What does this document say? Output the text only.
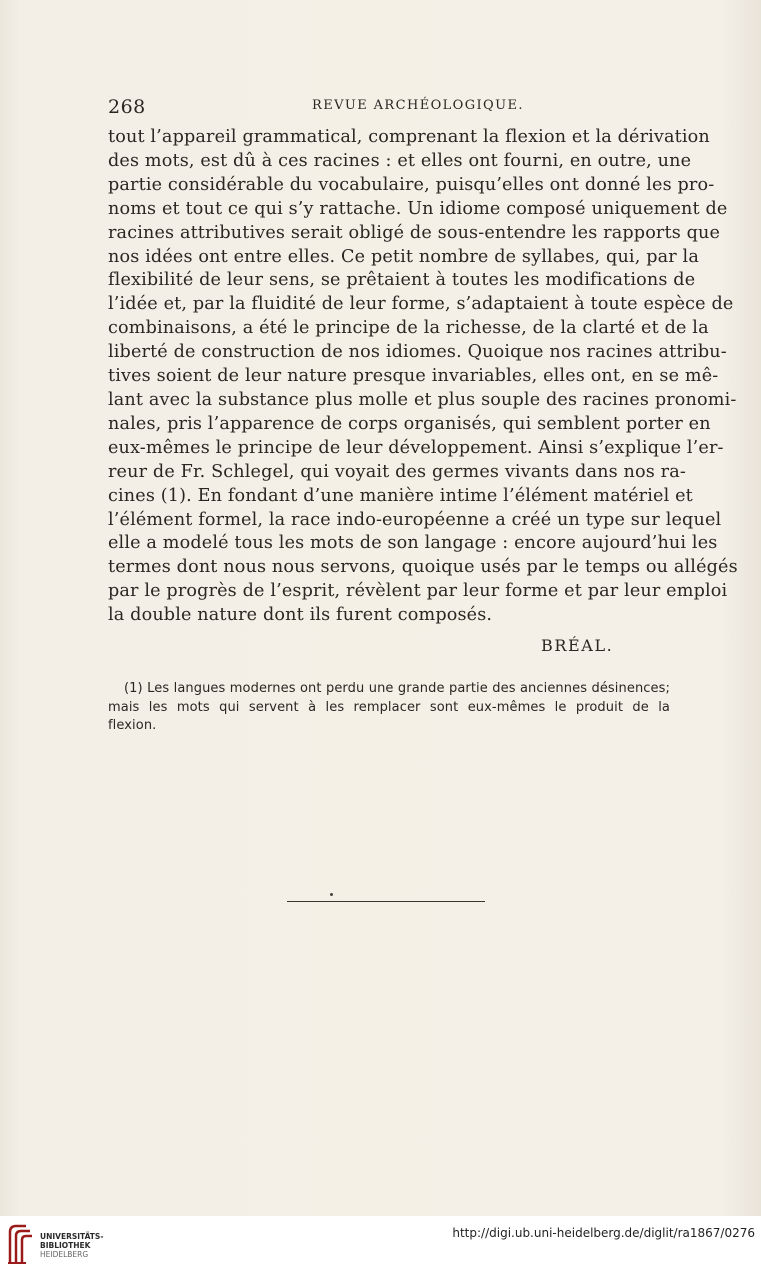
268	REVUE ARCHÉOLOGIQUE.
tout l’appareil grammatical, comprenant la flexion et la dérivation
des mots, est dû à ces racines : et elles ont fourni, en outre, une
partie considérable du vocabulaire, puisqu’elles ont donné les pro-
noms et tout ce qui s’y rattache. Un idiome composé uniquement de
racines attributives serait obligé de sous-entendre les rapports que
nos idées ont entre elles. Ce petit nombre de syllabes, qui, par la
flexibilité de leur sens, se prêtaient à toutes les modifications de
l’idée et, par la fluidité de leur forme, s’adaptaient à toute espèce de
combinaisons, a été le principe de la richesse, de la clarté et de la
liberté de construction de nos idiomes. Quoique nos racines attribu-
tives soient de leur nature presque invariables, elles ont, en se mê-
lant avec la substance plus molle et plus souple des racines pronomi-
nales, pris l’apparence de corps organisés, qui semblent porter en
eux-mêmes le principe de leur développement. Ainsi s’explique l’er-
reur de Fr. Schlegel, qui voyait des germes vivants dans nos ra-
cines (1). En fondant d’une manière intime l’élément matériel et
l’élément formel, la race indo-européenne a créé un type sur lequel
elle a modelé tous les mots de son langage : encore aujourd’hui les
termes dont nous nous servons, quoique usés par le temps ou allégés
par le progrès de l’esprit, révèlent par leur forme et par leur emploi
la double nature dont ils furent composés.
BRÉAL.
(1) Les langues modernes ont perdu une grande partie des anciennes désinences;
mais les mots qui servent à les remplacer sont eux-mêmes le produit de la
flexion.
UNIVERSITÄTS-
BIBLIOTHEK
HEIDELBERG
http://digi.ub.uni-heidelberg.de/diglit/ra1867/0276
